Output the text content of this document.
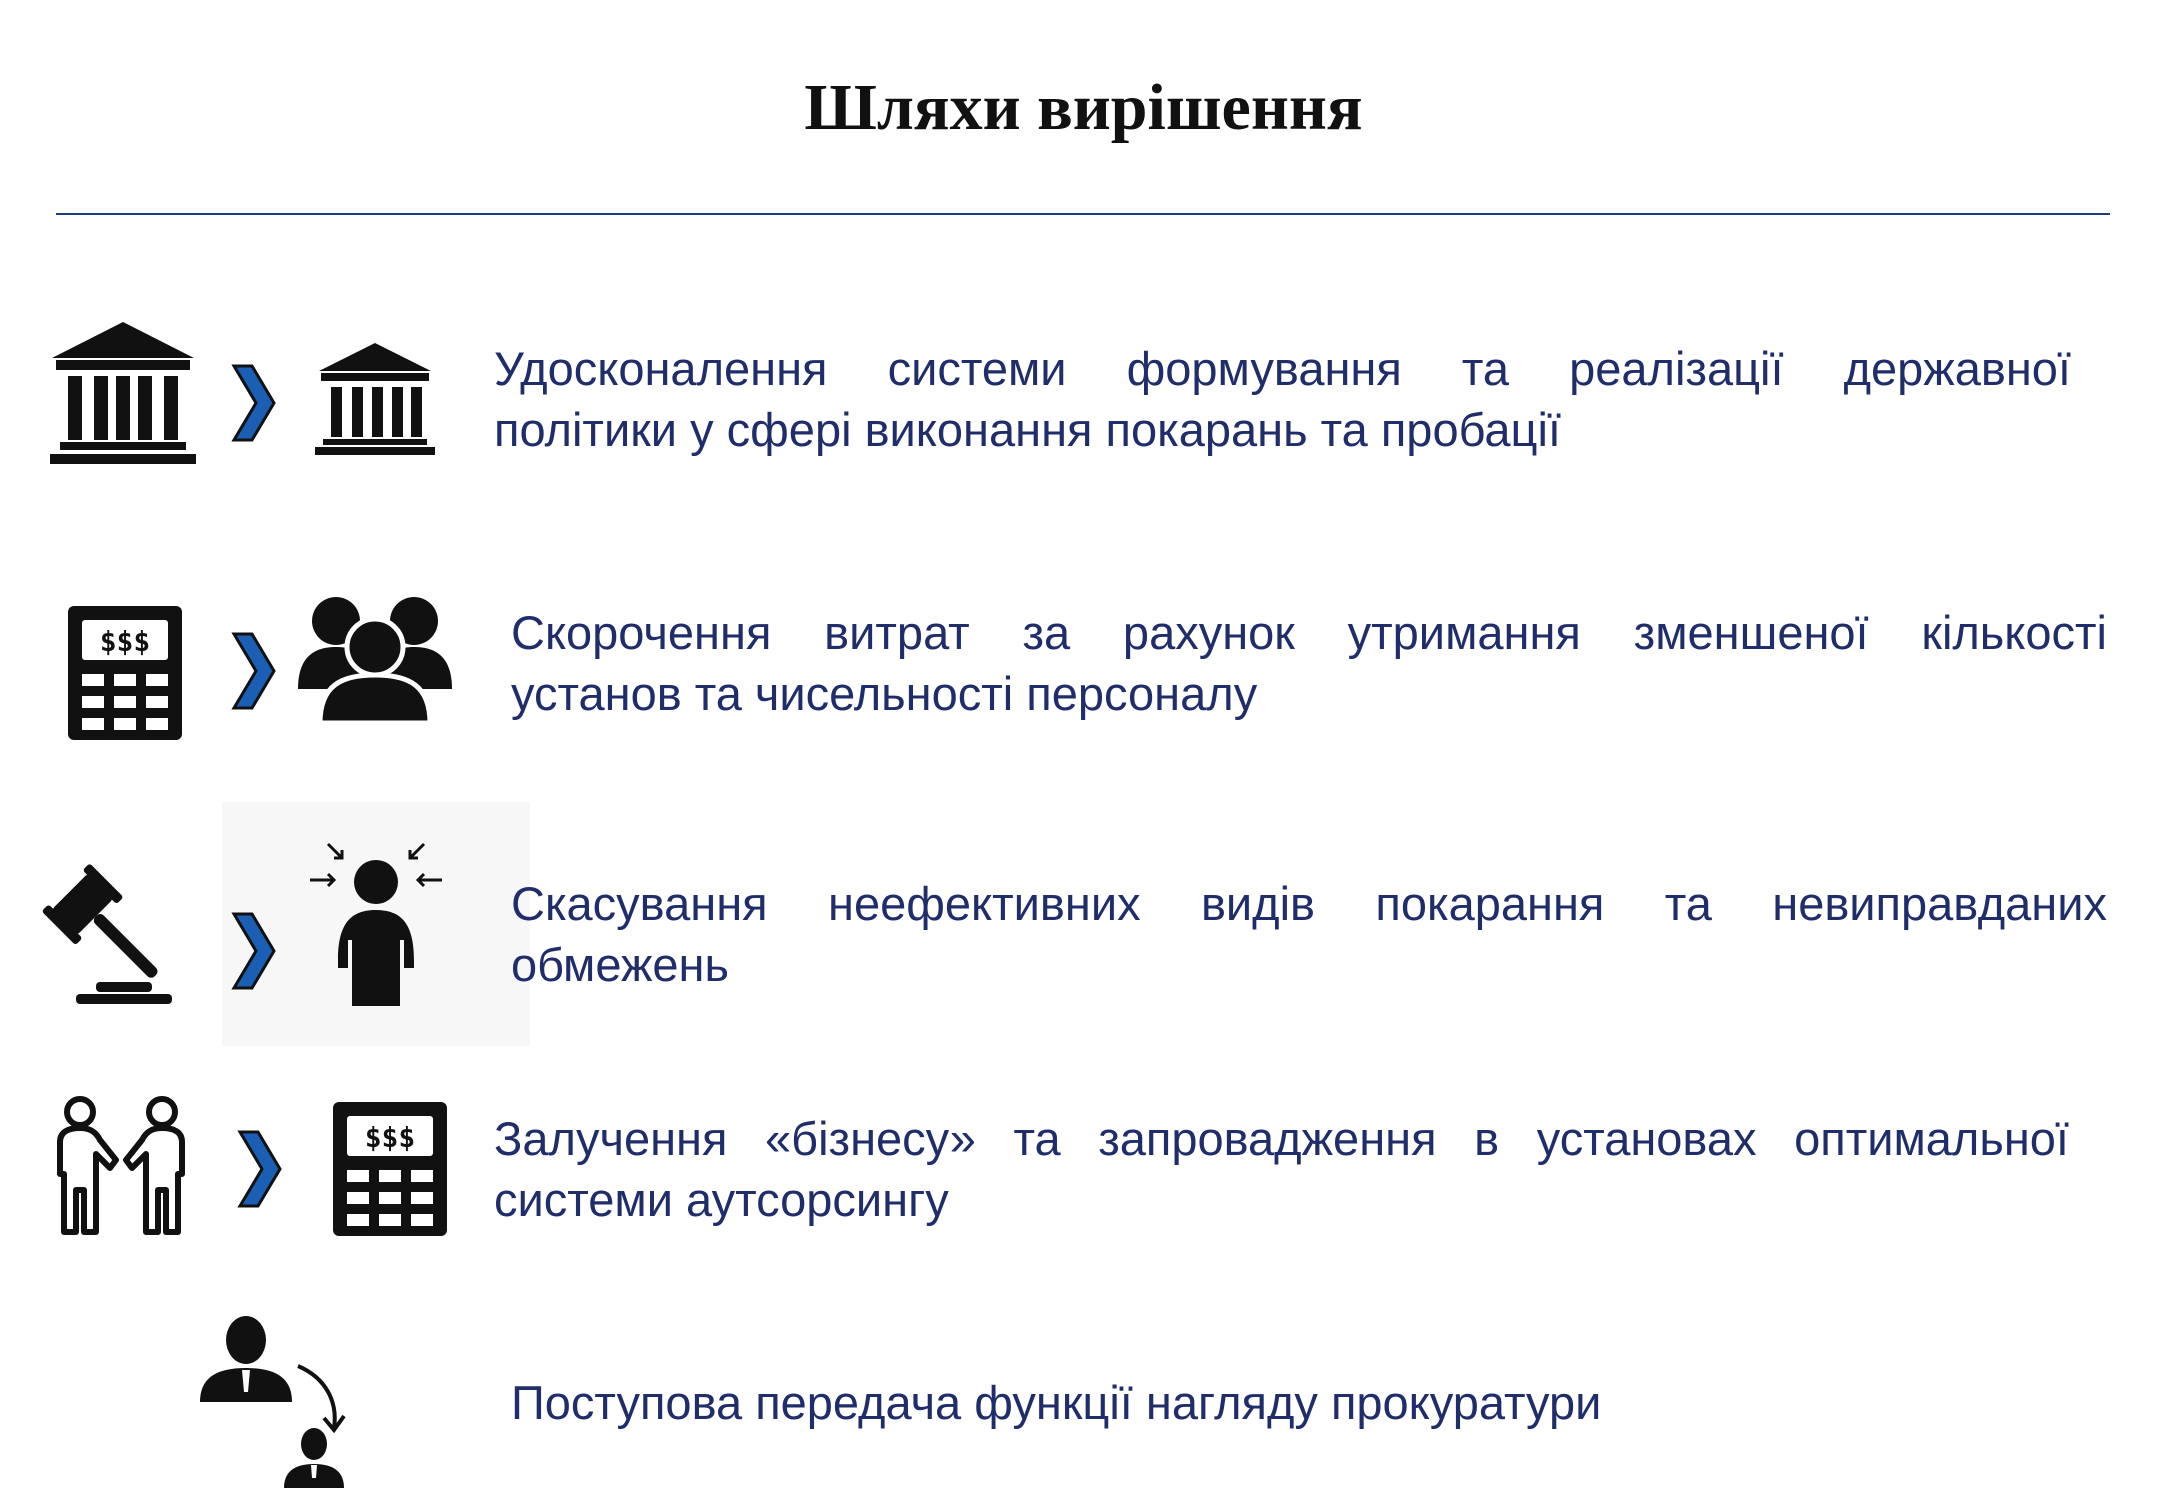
Шляхи вирішення

Удосконалення системи формування та реалізації державної
політики у сфері виконання покарань та пробації

$$$	Скорочення витрат за рахунок утримання зменшеної кількості
установ та чисельності персоналу

Скасування неефективних видів покарання та невиправданих
обмежень

$$$ Залучення «бізнесу» та запровадження в установах оптимальної
системи аутсорсингу

Поступова передача функції нагляду прокуратури
